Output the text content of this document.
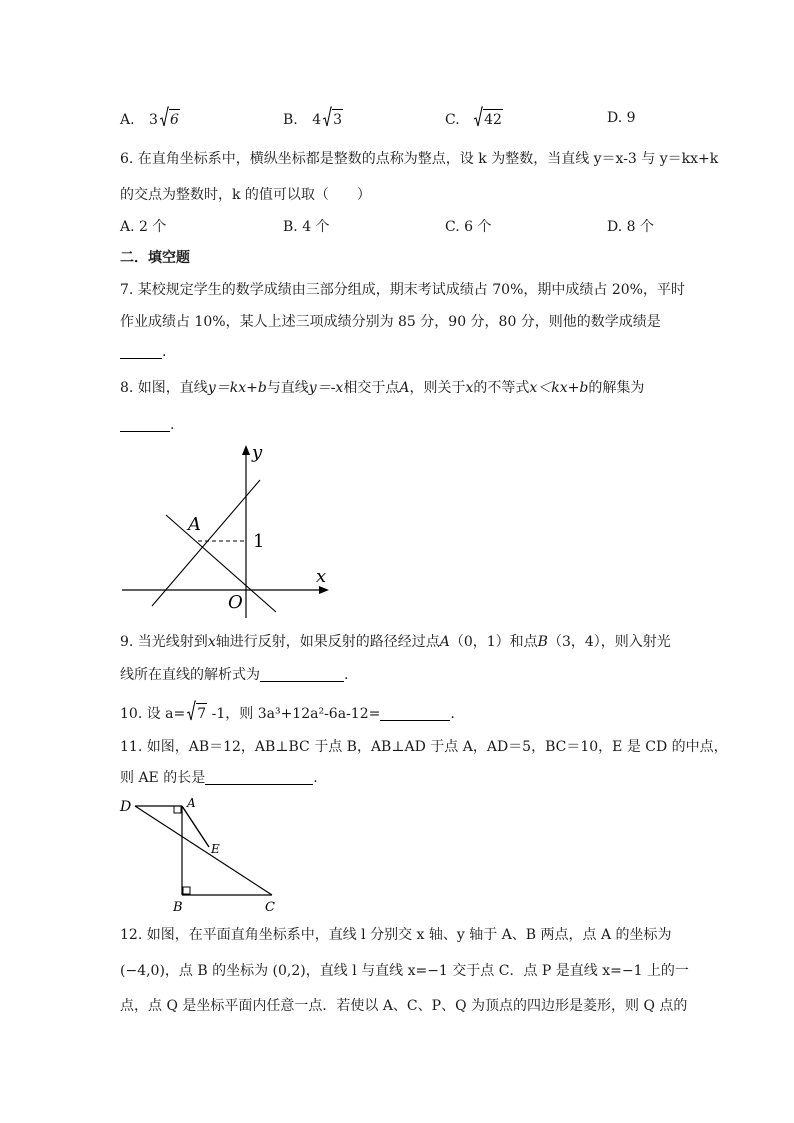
A. 3 6	B. 4 3	C. 42	D. 9
6. 在直角坐标系中，横纵坐标都是整数的点称为整点，设 k 为整数，当直线 y＝x-3 与 y＝kx+k
的交点为整数时，k 的值可以取（　　）
A. 2 个	B. 4 个	C. 6 个	D. 8 个
二．填空题
7. 某校规定学生的数学成绩由三部分组成，期末考试成绩占 70%，期中成绩占 20%，平时
作业成绩占 10%，某人上述三项成绩分别为 85 分，90 分，80 分，则他的数学成绩是
.
8. 如图，直线y＝kx+b与直线y＝-x相交于点A，则关于x的不等式x＜kx+b的解集为
.
y
x
O
A
1
9. 当光线射到x轴进行反射，如果反射的路径经过点A（0，1）和点B（3，4），则入射光
线所在直线的解析式为	.
10. 设 a= 7 -1，则 3a³+12a²-6a-12=	.
11. 如图，AB＝12，AB⊥BC 于点 B，AB⊥AD 于点 A，AD＝5，BC＝10，E 是 CD 的中点，
则 AE 的长是	.
D	A
E
B	C
12. 如图，在平面直角坐标系中，直线 l 分别交 x 轴、y 轴于 A、B 两点，点 A 的坐标为
(−4,0)，点 B 的坐标为 (0,2)，直线 l 与直线 x=−1 交于点 C．点 P 是直线 x=−1 上的一
点，点 Q 是坐标平面内任意一点．若使以 A、C、P、Q 为顶点的四边形是菱形，则 Q 点的
